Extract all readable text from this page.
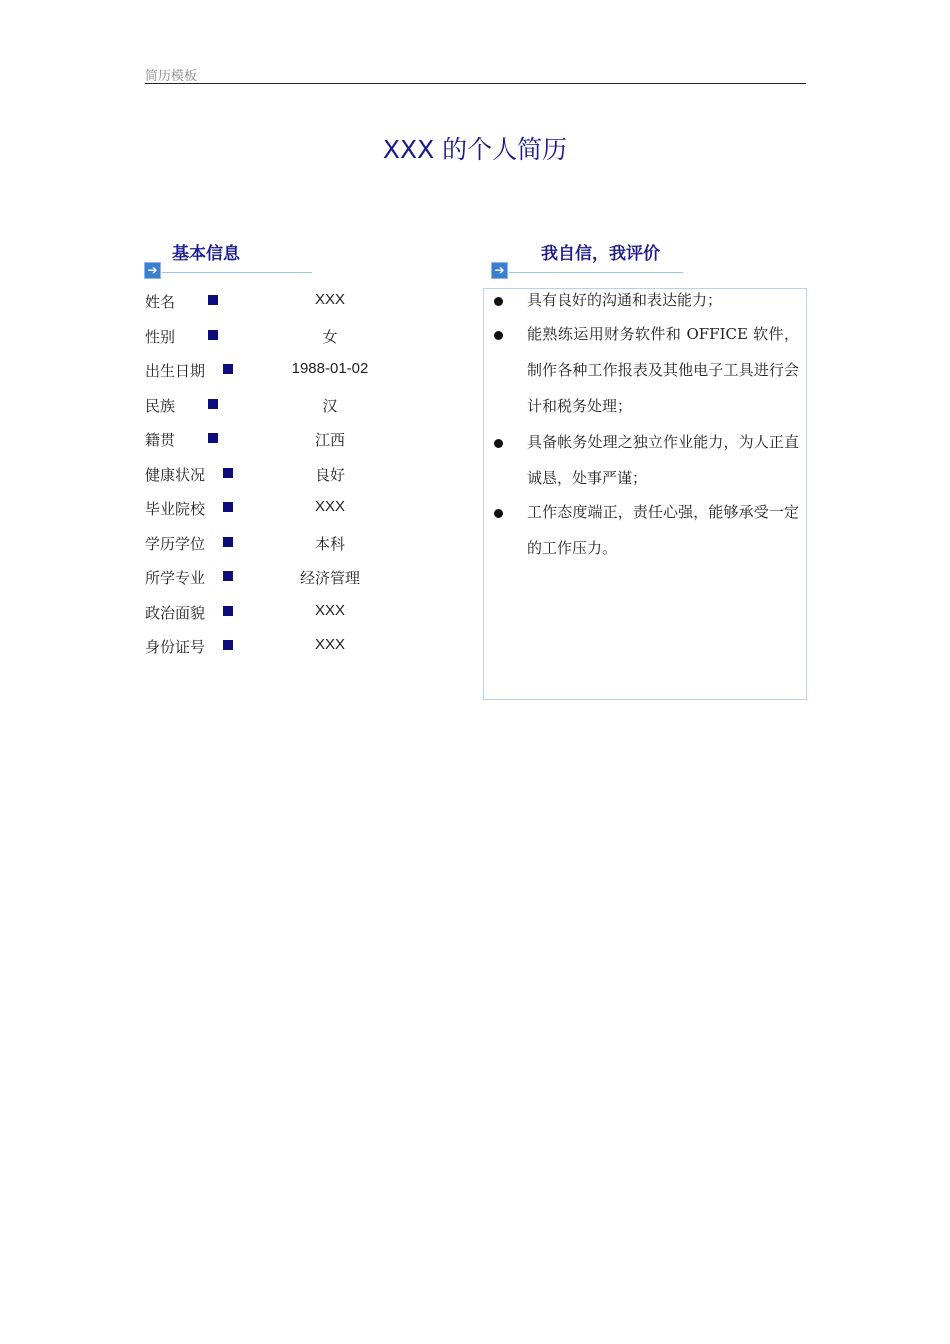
简历模板
XXX 的个人简历
基本信息
➔
姓名	XXX
性别	女
出生日期	1988-01-02
民族	汉
籍贯	江西
健康状况	良好
毕业院校	XXX
学历学位	本科
所学专业	经济管理
政治面貌	XXX
身份证号	XXX
我自信，我评价
➔
具有良好的沟通和表达能力；
能熟练运用财务软件和 OFFICE 软件，制作各种工作报表及其他电子工具进行会计和税务处理；
具备帐务处理之独立作业能力，为人正直诚恳，处事严谨；
工作态度端正，责任心强，能够承受一定的工作压力。
